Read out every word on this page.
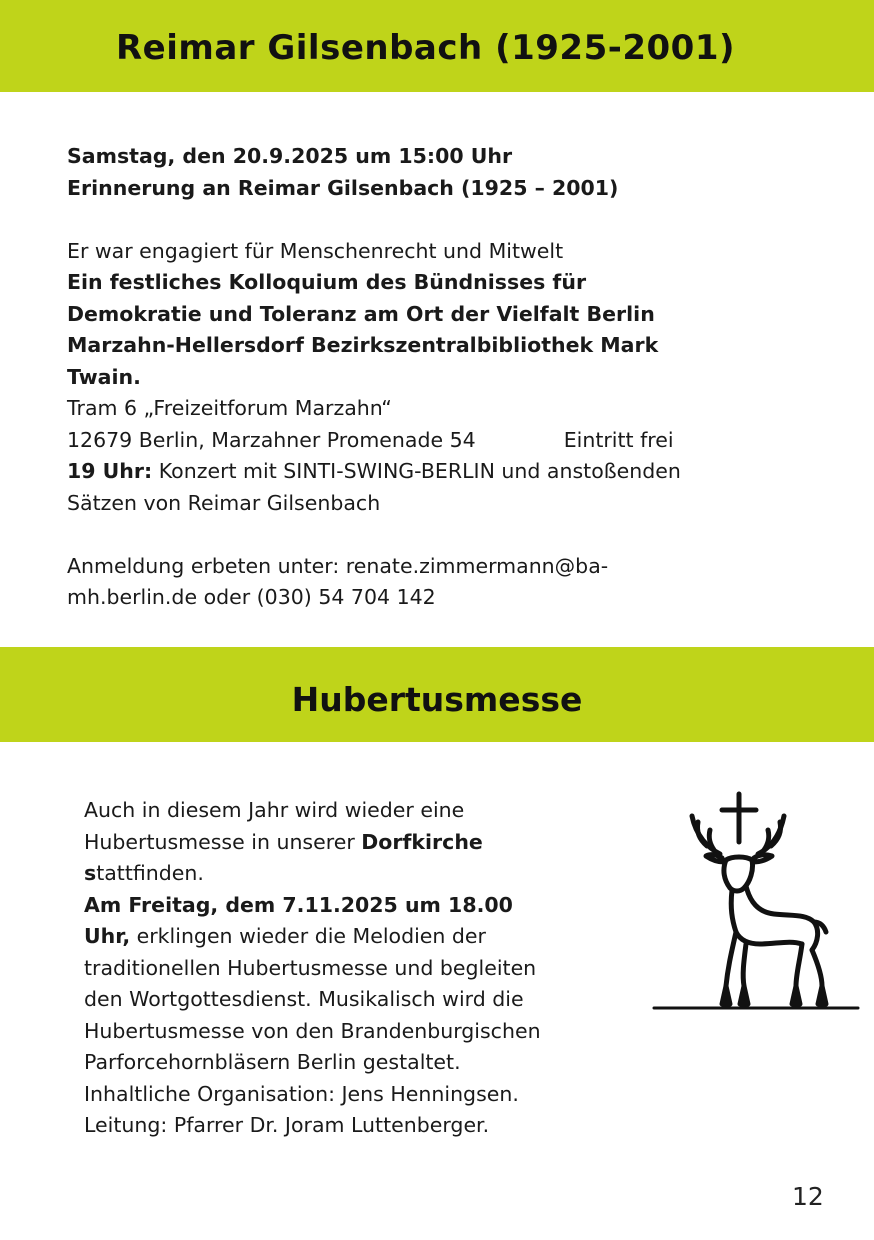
Reimar Gilsenbach (1925-2001)
Samstag, den 20.9.2025 um 15:00 Uhr
Erinnerung an Reimar Gilsenbach (1925 – 2001)
Er war engagiert für Menschenrecht und Mitwelt
Ein festliches Kolloquium des Bündnisses für
Demokratie und Toleranz am Ort der Vielfalt Berlin
Marzahn-Hellersdorf Bezirkszentralbibliothek Mark
Twain.
Tram 6 „Freizeitforum Marzahn“
12679 Berlin, Marzahner Promenade 54	Eintritt frei
19 Uhr: Konzert mit SINTI-SWING-BERLIN und anstoßenden
Sätzen von Reimar Gilsenbach
Anmeldung erbeten unter: renate.zimmermann@ba-
mh.berlin.de oder (030) 54 704 142
Hubertusmesse
Auch in diesem Jahr wird wieder eine
Hubertusmesse in unserer Dorfkirche
stattfinden.
Am Freitag, dem 7.11.2025 um 18.00
Uhr, erklingen wieder die Melodien der
traditionellen Hubertusmesse und begleiten
den Wortgottesdienst. Musikalisch wird die
Hubertusmesse von den Brandenburgischen
Parforcehornbläsern Berlin gestaltet.
Inhaltliche Organisation: Jens Henningsen.
Leitung: Pfarrer Dr. Joram Luttenberger.
12
